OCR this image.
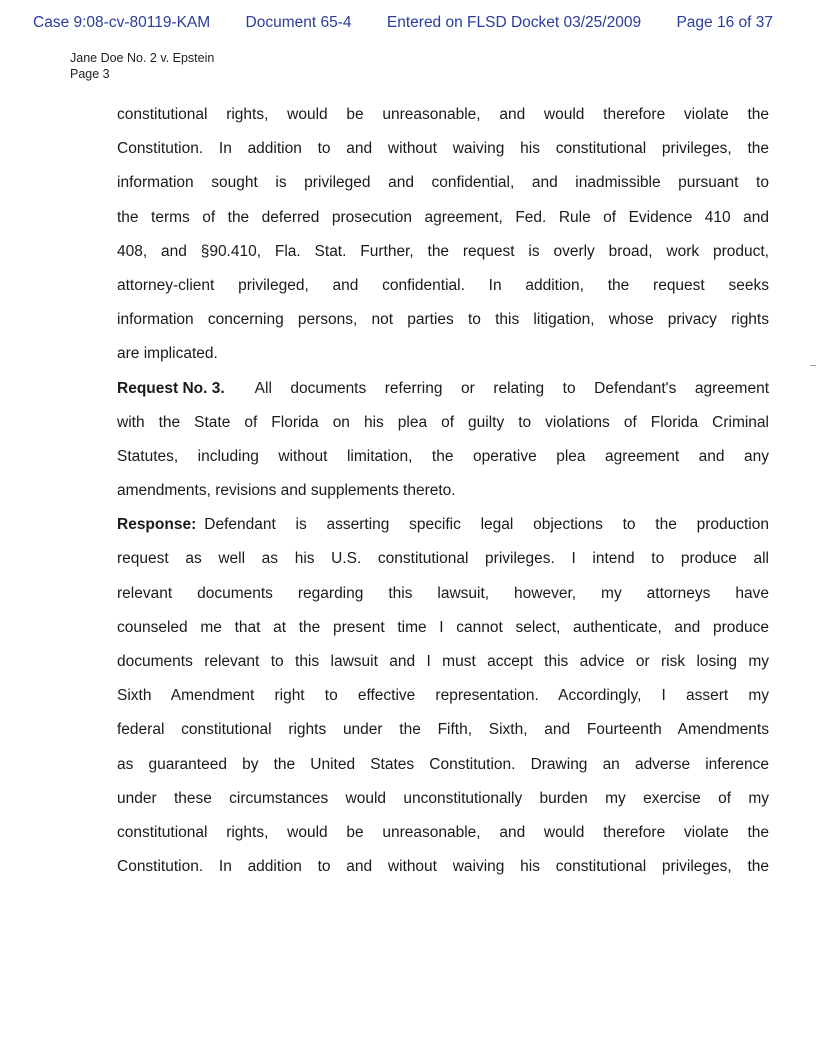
Case 9:08-cv-80119-KAM Document 65-4 Entered on FLSD Docket 03/25/2009 Page 16 of 37
Jane Doe No. 2 v. Epstein
Page 3
constitutional rights, would be unreasonable, and would therefore violate the
Constitution. In addition to and without waiving his constitutional privileges, the
information sought is privileged and confidential, and inadmissible pursuant to
the terms of the deferred prosecution agreement, Fed. Rule of Evidence 410 and
408, and §90.410, Fla. Stat. Further, the request is overly broad, work product,
attorney-client privileged, and confidential. In addition, the request seeks
information concerning persons, not parties to this litigation, whose privacy rights
are implicated.
Request No. 3. All documents referring or relating to Defendant's agreement
with the State of Florida on his plea of guilty to violations of Florida Criminal
Statutes, including without limitation, the operative plea agreement and any
amendments, revisions and supplements thereto.
Response: Defendant is asserting specific legal objections to the production
request as well as his U.S. constitutional privileges. I intend to produce all
relevant documents regarding this lawsuit, however, my attorneys have
counseled me that at the present time I cannot select, authenticate, and produce
documents relevant to this lawsuit and I must accept this advice or risk losing my
Sixth Amendment right to effective representation. Accordingly, I assert my
federal constitutional rights under the Fifth, Sixth, and Fourteenth Amendments
as guaranteed by the United States Constitution. Drawing an adverse inference
under these circumstances would unconstitutionally burden my exercise of my
constitutional rights, would be unreasonable, and would therefore violate the
Constitution. In addition to and without waiving his constitutional privileges, the
